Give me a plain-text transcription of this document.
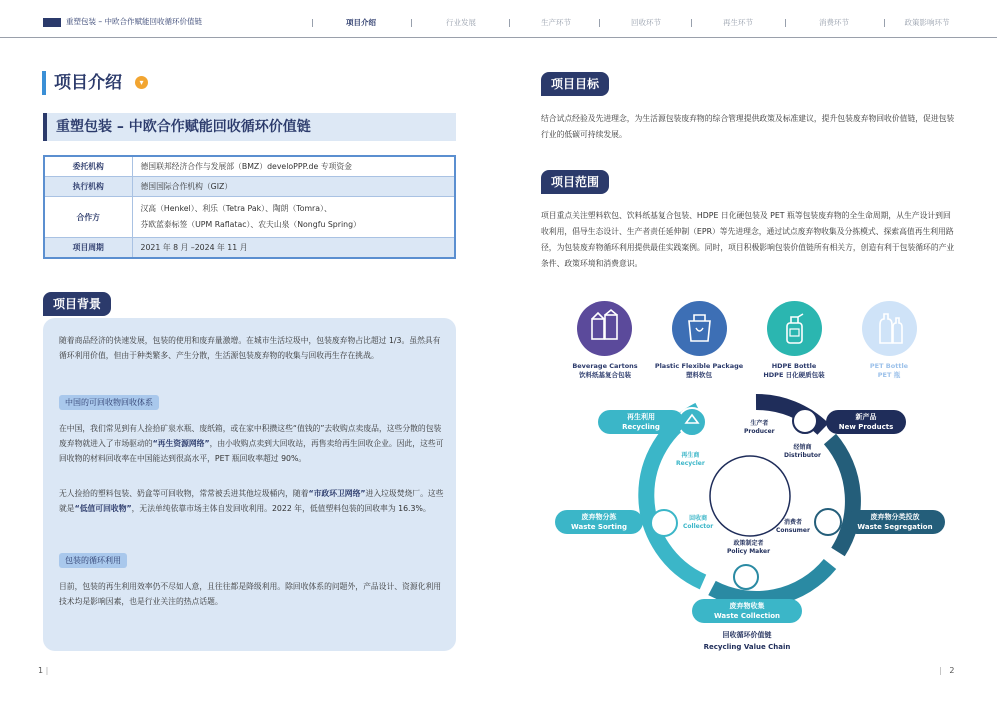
重塑包装 – 中欧合作赋能回收循环价值链	项目介绍	行业发展	生产环节	回收环节	再生环节	消费环节	政策影响环节
项目介绍	▾
重塑包装 – 中欧合作赋能回收循环价值链
委托机构	德国联邦经济合作与发展部（BMZ）develoPPP.de 专项资金
执行机构	德国国际合作机构（GIZ）
合作方	汉高（Henkel）、利乐（Tetra Pak）、陶朗（Tomra）、
芬欧蓝泰标签（UPM Raflatac）、农夫山泉（Nongfu Spring）

项目周期	2021 年 8 月 –2024 年 11 月
项目背景
随着商品经济的快速发展，包装的使用和废弃量激增。在城市生活垃圾中，包装废弃物占比超过 1/3。虽然具有循环利用价值，但由于种类繁多、产生分散，生活源包装废弃物的收集与回收再生存在挑战。
中国的可回收物回收体系
在中国，我们常见到有人捡拾矿泉水瓶、废纸箱，或在家中积攒这些“值钱的”去收购点卖废品，这些分散的包装废弃物就进入了市场驱动的“再生资源网络”，由小收购点卖到大回收站，再售卖给再生回收企业。因此，这些可回收物的材料回收率在中国能达到很高水平，PET 瓶回收率超过 90%。
无人捡拾的塑料包装、奶盒等可回收物，常常被丢进其他垃圾桶内，随着“市政环卫网络”进入垃圾焚烧厂。这些就是“低值可回收物”，无法单纯依靠市场主体自发回收利用。2022 年，低值塑料包装的回收率为 16.3%。
包装的循环利用
目前，包装的再生利用效率仍不尽如人意，且往往都是降级利用。除回收体系的问题外，产品设计、资源化利用技术均是影响因素，也是行业关注的热点话题。
1 |
项目目标
结合试点经验及先进理念，为生活源包装废弃物的综合管理提供政策及标准建议，提升包装废弃物回收价值链，促进包装行业的低碳可持续发展。
项目范围
项目重点关注塑料软包、饮料纸基复合包装、HDPE 日化硬包装及 PET 瓶等包装废弃物的全生命周期，从生产设计到回收利用，倡导生态设计、生产者责任延伸制（EPR）等先进理念，通过试点废弃物收集及分拣模式、探索高值再生利用路径，为包装废弃物循环利用提供最佳实践案例。同时，项目积极影响包装价值链所有相关方，创造有利于包装循环的产业条件、政策环境和消费意识。
Beverage Cartons
饮料纸基复合包装
Plastic Flexible Package
塑料软包
HDPE Bottle
HDPE 日化硬质包装
PET Bottle
PET 瓶
再生利用
Recycling
新产品
New Products
废弃物分拣
Waste Sorting
废弃物分类投放
Waste Segregation
废弃物收集
Waste Collection
生产者
Producer
经销商
Distributor
再生商
Recycler
回收商
Collector
消费者
Consumer
政策制定者
Policy Maker
回收循环价值链
Recycling Value Chain
| 2
